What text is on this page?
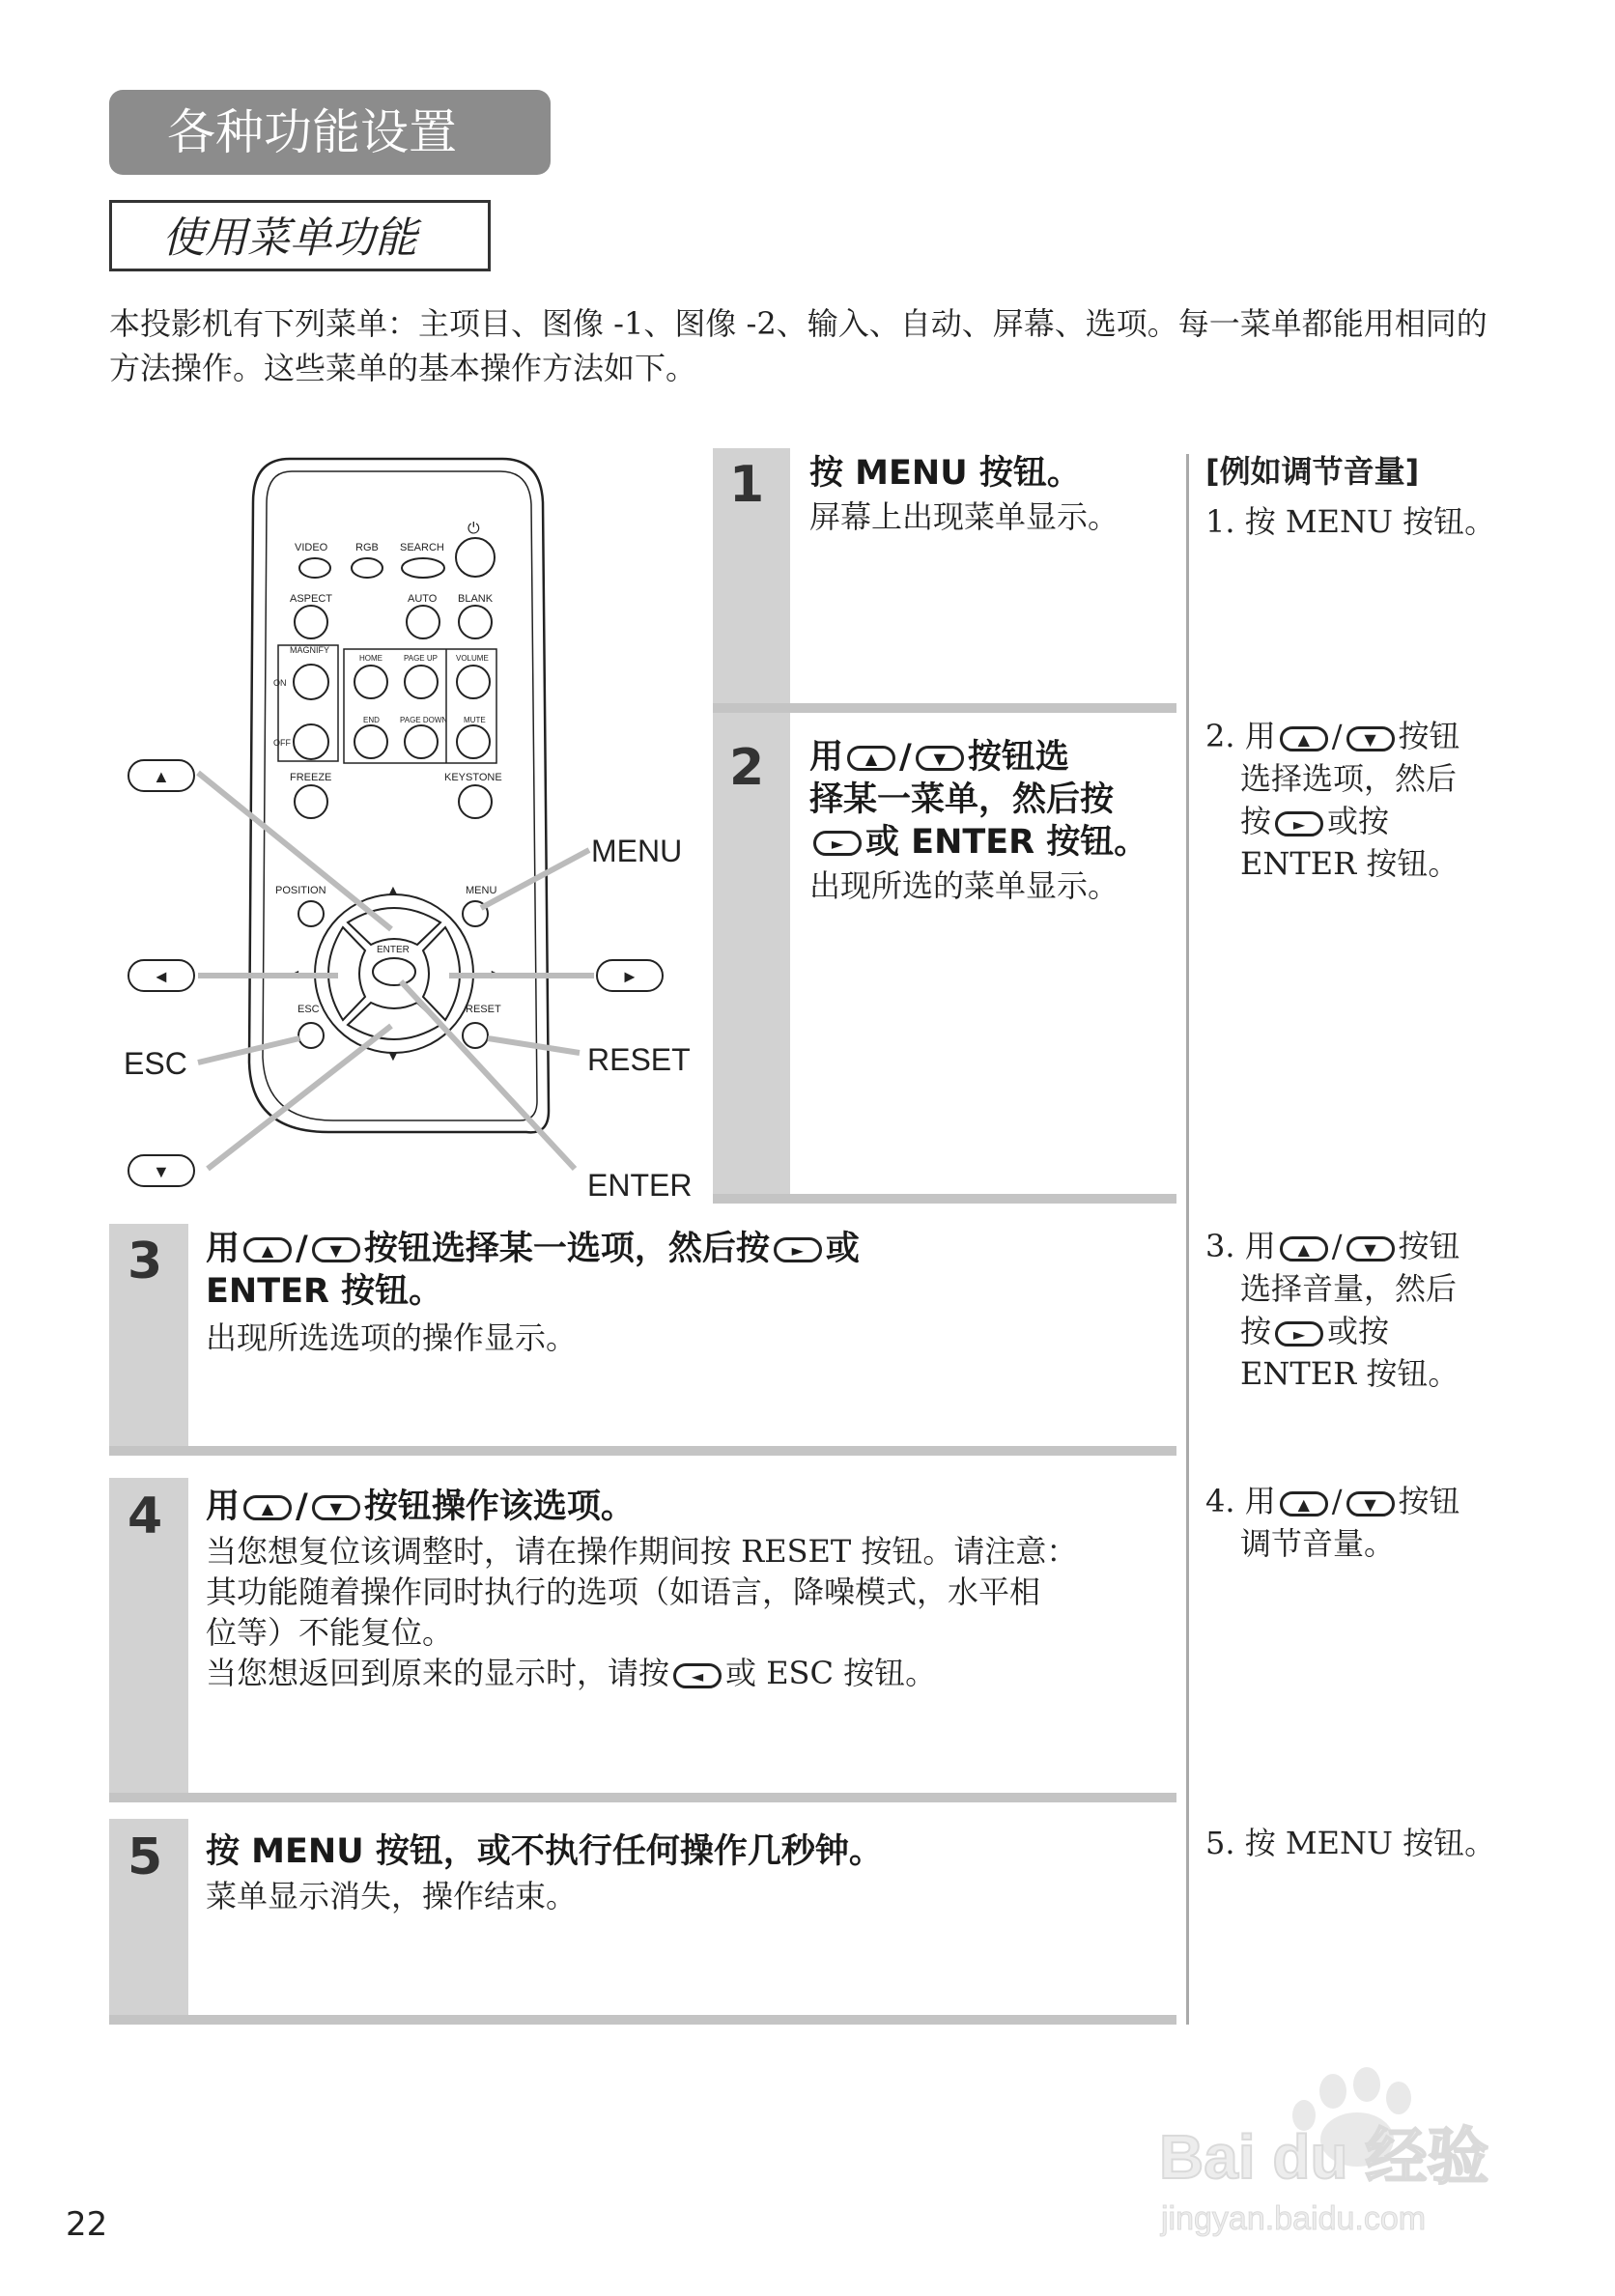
各种功能设置
使用菜单功能
本投影机有下列菜单：主项目、图像 -1、图像 -2、输入、自动、屏幕、选项。每一菜单都能用相同的方法操作。这些菜单的基本操作方法如下。
1
2
3
4
5
按 MENU 按钮。
屏幕上出现菜单显示。

用 ▲ / ▼ 按钮选

择某一菜单，然后按

► 或 ENTER 按钮。

出现所选的菜单显示。

用 ▲ / ▼ 按钮选择某一选项，然后按 ► 或

ENTER 按钮。

出现所选选项的操作显示。

用 ▲ / ▼ 按钮操作该选项。

当您想复位该调整时，请在操作期间按 RESET 按钮。请注意：

其功能随着操作同时执行的选项（如语言，降噪模式，水平相

位等）不能复位。

当您想返回到原来的显示时，请按 ◄ 或 ESC 按钮。

按 MENU 按钮，或不执行任何操作几秒钟。
菜单显示消失，操作结束。
[例如调节音量]
1. 按 MENU 按钮。

2. 用 ▲ / ▼ 按钮

选择选项，然后

按 ► 或按

ENTER 按钮。

3. 用 ▲ / ▼ 按钮

选择音量，然后

按 ► 或按

ENTER 按钮。

4. 用 ▲ / ▼ 按钮

调节音量。

5. 按 MENU 按钮。
VIDEO	RGB SEARCH
⏻
ASPECT	AUTO BLANK
MAGNIFY
ON
OFF
HOME	PAGE UP VOLUME
END	PAGE DOWN MUTE
FREEZE	KEYSTONE
POSITION	MENU
ENTER
▲
▼
◄	►
ESC	RESET
▲
◄	►
▼
MENU
ESC	RESET
ENTER
22
Bai du 经验
jingyan.baidu.com
